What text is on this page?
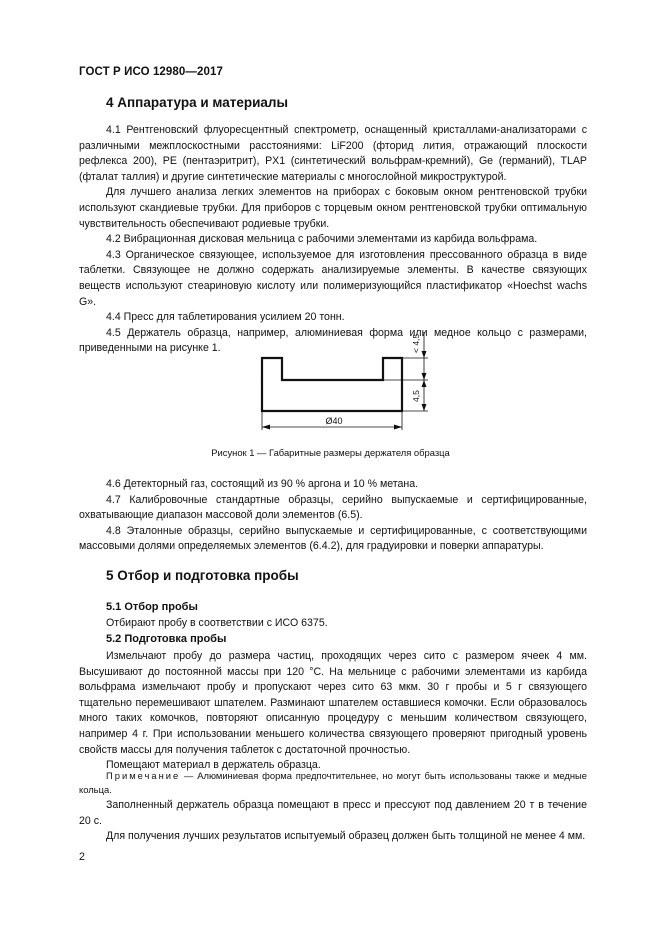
ГОСТ Р ИСО 12980—2017
4 Аппаратура и материалы

4.1 Рентгеновский флуоресцентный спектрометр, оснащенный кристаллами-анализаторами с различными межплоскостными расстояниями: LiF200 (фторид лития, отражающий плоскости рефлекса 200), PE (пентаэритрит), PX1 (синтетический вольфрам-кремний), Ge (германий), TLAP (фталат таллия) и другие синтетические материалы с многослойной микроструктурой.

Для лучшего анализа легких элементов на приборах с боковым окном рентгеновской трубки используют скандиевые трубки. Для приборов с торцевым окном рентгеновской трубки оптимальную чувствительность обеспечивают родиевые трубки.

4.2 Вибрационная дисковая мельница с рабочими элементами из карбида вольфрама.

4.3 Органическое связующее, используемое для изготовления прессованного образца в виде таблетки. Связующее не должно содержать анализируемые элементы. В качестве связующих веществ используют стеариновую кислоту или полимеризующийся пластификатор «Hoechst wachs G».

4.4 Пресс для таблетирования усилием 20 тонн.

4.5 Держатель образца, например, алюминиевая форма или медное кольцо с размерами, приведенными на рисунке 1.

Ø40
< 4,5
4,5
Рисунок 1 — Габаритные размеры держателя образца

4.6 Детекторный газ, состоящий из 90 % аргона и 10 % метана.

4.7 Калибровочные стандартные образцы, серийно выпускаемые и сертифицированные, охватывающие диапазон массовой доли элементов (6.5).

4.8 Эталонные образцы, серийно выпускаемые и сертифицированные, с соответствующими массовыми долями определяемых элементов (6.4.2), для градуировки и поверки аппаратуры.

5 Отбор и подготовка пробы
5.1 Отбор пробы

Отбирают пробу в соответствии с ИСО 6375.

5.2 Подготовка пробы

Измельчают пробу до размера частиц, проходящих через сито с размером ячеек 4 мм. Высушивают до постоянной массы при 120 °С. На мельнице с рабочими элементами из карбида вольфрама измельчают пробу и пропускают через сито 63 мкм. 30 г пробы и 5 г связующего тщательно перемешивают шпателем. Разминают шпателем оставшиеся комочки. Если образовалось много таких комочков, повторяют описанную процедуру с меньшим количеством связующего, например 4 г. При использовании меньшего количества связующего проверяют пригодный уровень свойств массы для получения таблеток с достаточной прочностью.

Помещают материал в держатель образца.

Примечание — Алюминиевая форма предпочтительнее, но могут быть использованы также и медные кольца.

Заполненный держатель образца помещают в пресс и прессуют под давлением 20 т в течение 20 с.

Для получения лучших результатов испытуемый образец должен быть толщиной не менее 4 мм.

2
